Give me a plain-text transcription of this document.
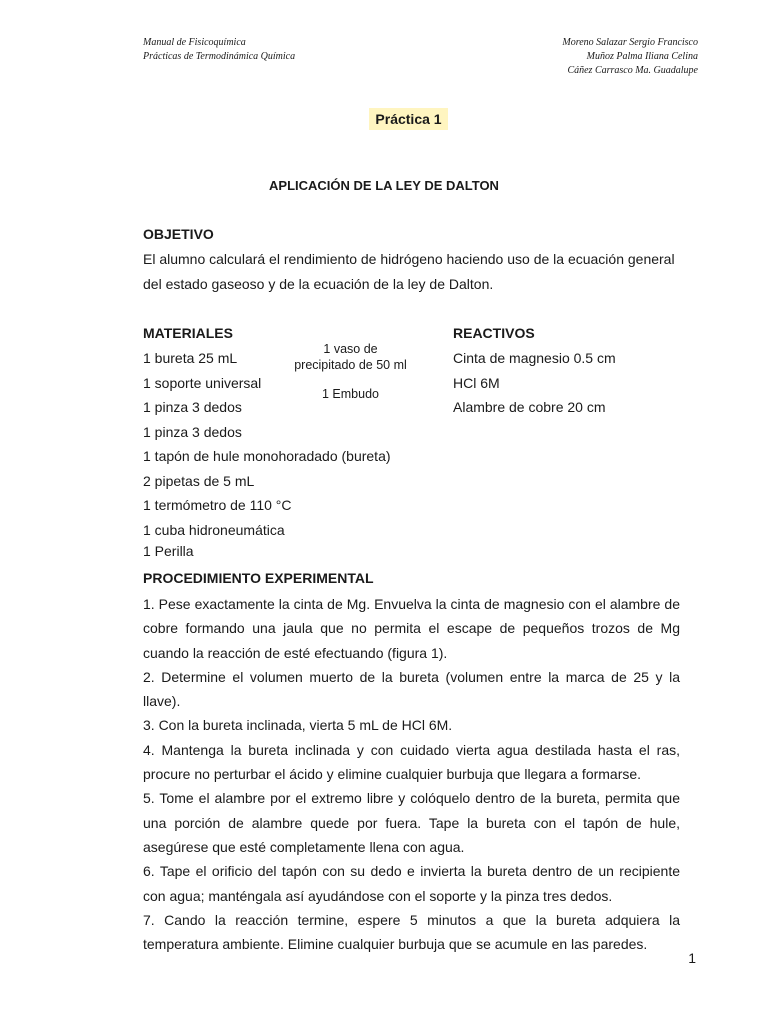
Manual de Fisicoquímica
Prácticas de Termodinámica Química
Moreno Salazar Sergio Francisco
Muñoz Palma Iliana Celina
Cáñez Carrasco Ma. Guadalupe
Práctica 1
APLICACIÓN DE LA LEY DE DALTON
OBJETIVO
El alumno calculará el rendimiento de hidrógeno haciendo uso de la ecuación general del estado gaseoso y de la ecuación de la ley de Dalton.
MATERIALES
1 bureta 25 mL
1 soporte universal
1 pinza 3 dedos
1 pinza 3 dedos
1 tapón de hule monohoradado (bureta)
2 pipetas de 5 mL
1 termómetro de 110 °C
1 cuba hidroneumática
1 Perilla
1 vaso de
precipitado de 50 ml
1 Embudo
REACTIVOS
Cinta de magnesio 0.5 cm
HCl 6M
Alambre de cobre 20 cm
PROCEDIMIENTO EXPERIMENTAL

1. Pese exactamente la cinta de Mg. Envuelva la cinta de magnesio con el alambre de cobre formando una jaula que no permita el escape de pequeños trozos de Mg cuando la reacción de esté efectuando (figura 1).

2. Determine el volumen muerto de la bureta (volumen entre la marca de 25 y la llave).

3. Con la bureta inclinada, vierta 5 mL de HCl 6M.

4. Mantenga la bureta inclinada y con cuidado vierta agua destilada hasta el ras, procure no perturbar el ácido y elimine cualquier burbuja que llegara a formarse.

5. Tome el alambre por el extremo libre y colóquelo dentro de la bureta, permita que una porción de alambre quede por fuera. Tape la bureta con el tapón de hule, asegúrese que esté completamente llena con agua.

6. Tape el orificio del tapón con su dedo e invierta la bureta dentro de un recipiente con agua; manténgala así ayudándose con el soporte y la pinza tres dedos.

7. Cando la reacción termine, espere 5 minutos a que la bureta adquiera la temperatura ambiente. Elimine cualquier burbuja que se acumule en las paredes.

1
